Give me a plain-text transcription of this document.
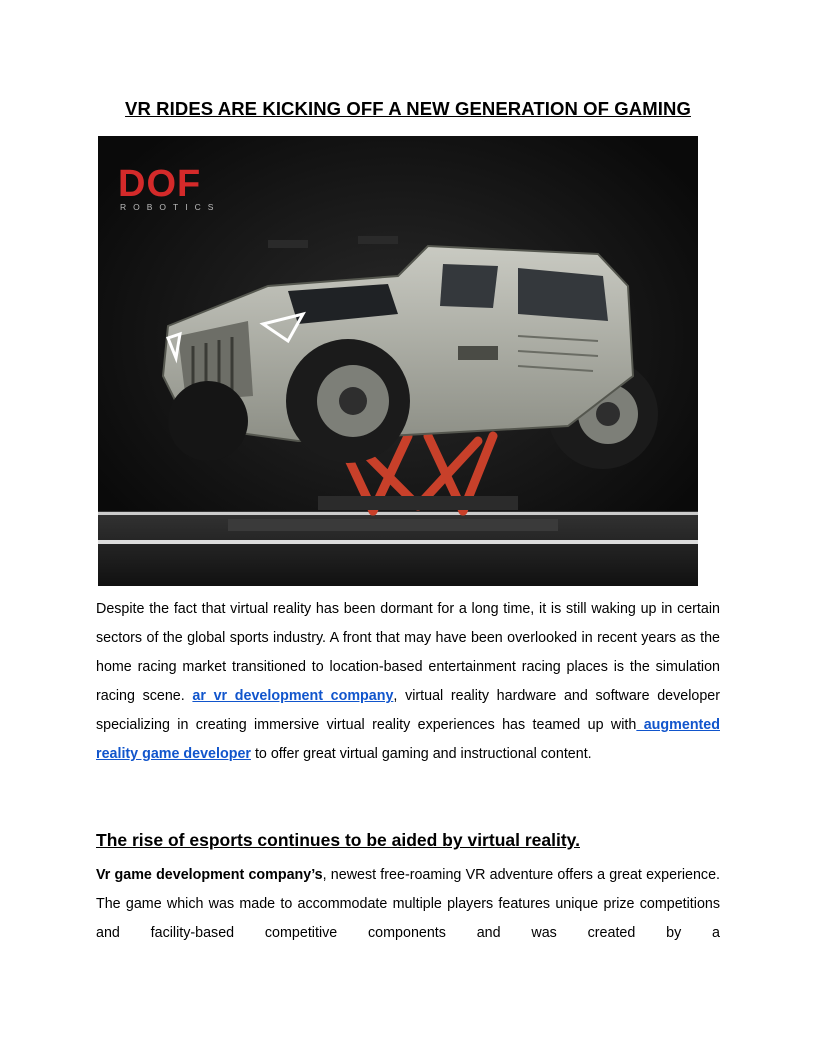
VR RIDES ARE KICKING OFF A NEW GENERATION OF GAMING
DOF
ROBOTICS

Despite the fact that virtual reality has been dormant for a long time, it is still waking up in certain sectors of the global sports industry. A front that may have been overlooked in recent years as the home racing market transitioned to location-based entertainment racing places is the simulation racing scene. ar vr development company, virtual reality hardware and software developer specializing in creating immersive virtual reality experiences has teamed up with augmented reality game developer to offer great virtual gaming and instructional content.

The rise of esports continues to be aided by virtual reality.

Vr game development company’s, newest free-roaming VR adventure offers a great experience. The game which was made to accommodate multiple players features unique prize competitions and facility-based competitive components and was created by a
